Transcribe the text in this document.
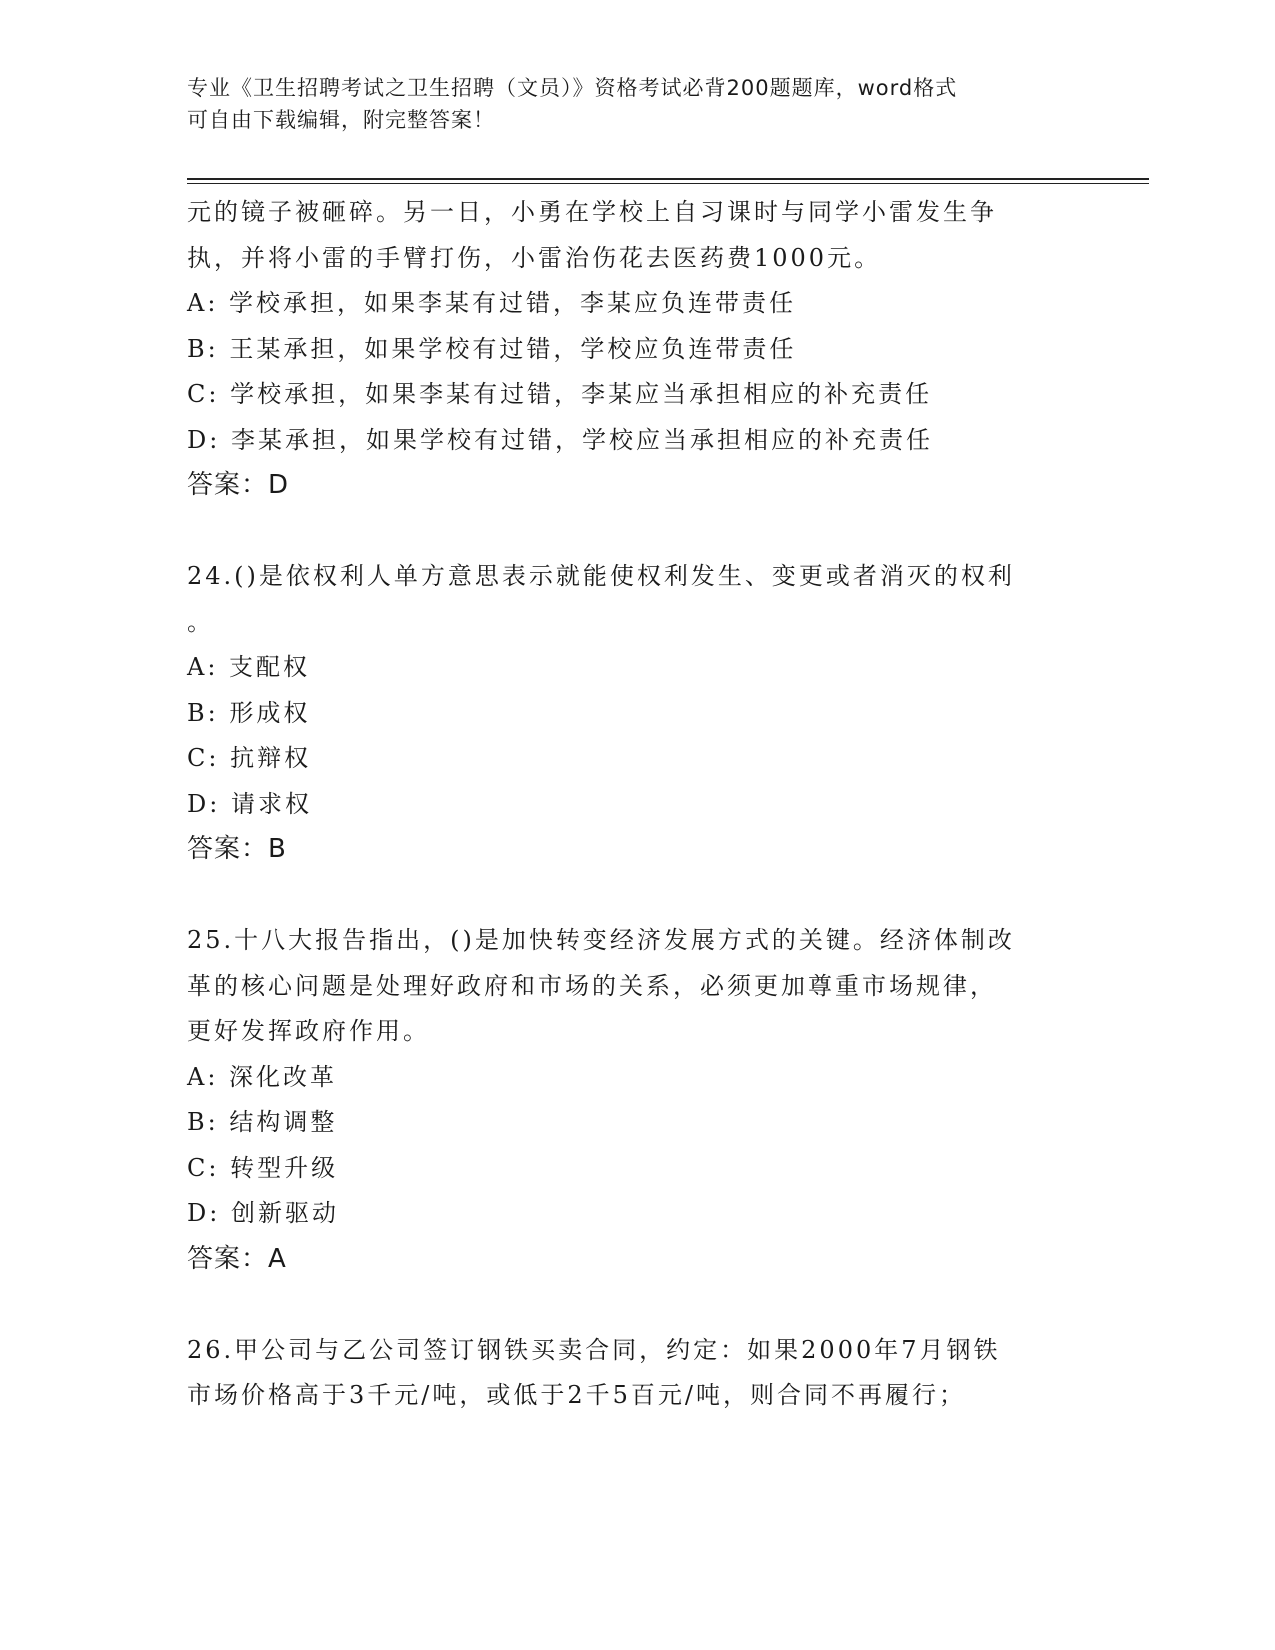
专业《卫生招聘考试之卫生招聘（文员）》资格考试必背200题题库，word格式
可自由下载编辑，附完整答案！
元的镜子被砸碎。另一日，小勇在学校上自习课时与同学小雷发生争
执，并将小雷的手臂打伤，小雷治伤花去医药费1000元。
A: 学校承担，如果李某有过错，李某应负连带责任
B: 王某承担，如果学校有过错，学校应负连带责任
C: 学校承担，如果李某有过错，李某应当承担相应的补充责任
D: 李某承担，如果学校有过错，学校应当承担相应的补充责任
答案：D
24.()是依权利人单方意思表示就能使权利发生、变更或者消灭的权利
。
A: 支配权
B: 形成权
C: 抗辩权
D: 请求权
答案：B
25.十八大报告指出，()是加快转变经济发展方式的关键。经济体制改
革的核心问题是处理好政府和市场的关系，必须更加尊重市场规律，
更好发挥政府作用。
A: 深化改革
B: 结构调整
C: 转型升级
D: 创新驱动
答案：A
26.甲公司与乙公司签订钢铁买卖合同，约定：如果2000年7月钢铁
市场价格高于3千元/吨，或低于2千5百元/吨，则合同不再履行；
